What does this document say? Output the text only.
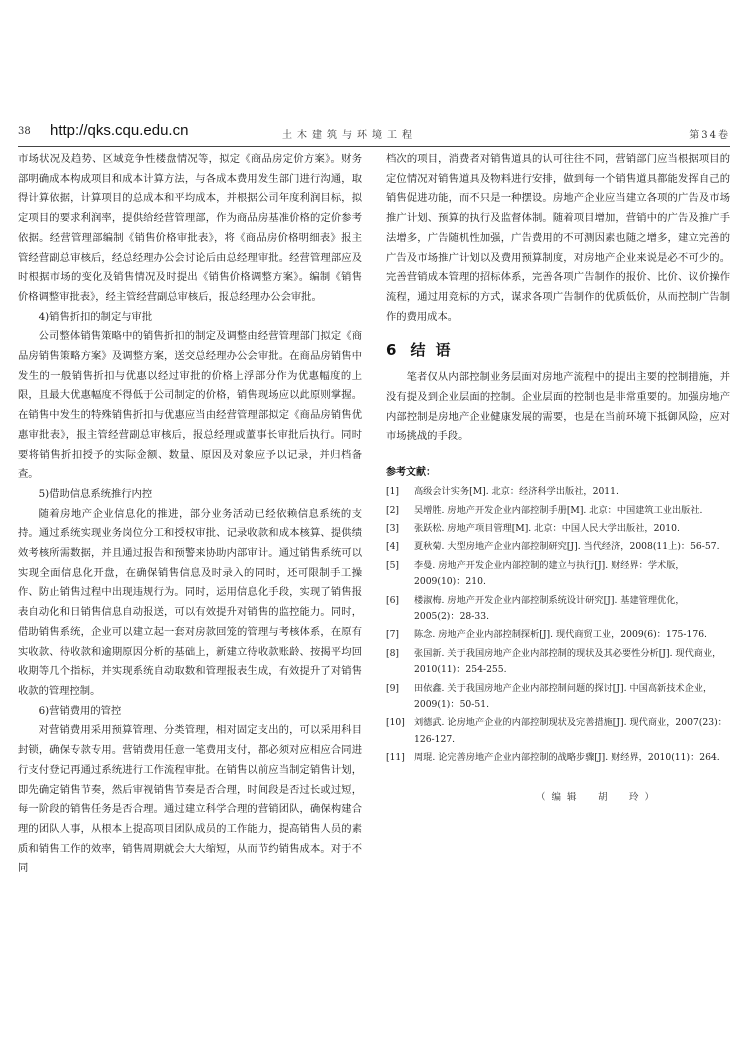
38 http://qks.cqu.edu.cn	土木建筑与环境工程	第34卷

市场状况及趋势、区域竞争性楼盘情况等，拟定《商品房定价方案》。财务部明确成本构成项目和成本计算方法，与各成本费用发生部门进行沟通，取得计算依据，计算项目的总成本和平均成本，并根据公司年度利润目标，拟定项目的要求利润率，提供给经营管理部，作为商品房基准价格的定价参考依据。经营管理部编制《销售价格审批表》，将《商品房价格明细表》报主管经营副总审核后，经总经理办公会讨论后由总经理审批。经营管理部应及时根据市场的变化及销售情况及时提出《销售价格调整方案》。编制《销售价格调整审批表》，经主管经营副总审核后，报总经理办公会审批。

4)销售折扣的制定与审批

公司整体销售策略中的销售折扣的制定及调整由经营管理部门拟定《商品房销售策略方案》及调整方案，送交总经理办公会审批。在商品房销售中发生的一般销售折扣与优惠以经过审批的价格上浮部分作为优惠幅度的上限，且最大优惠幅度不得低于公司制定的价格，销售现场应以此原则掌握。在销售中发生的特殊销售折扣与优惠应当由经营管理部拟定《商品房销售优惠审批表》，报主管经营副总审核后，报总经理或董事长审批后执行。同时要将销售折扣授予的实际金额、数量、原因及对象应予以记录，并归档备查。

5)借助信息系统推行内控

随着房地产企业信息化的推进，部分业务活动已经依赖信息系统的支持。通过系统实现业务岗位分工和授权审批、记录收款和成本核算、提供绩效考核所需数据，并且通过报告和预警来协助内部审计。通过销售系统可以实现全面信息化开盘，在确保销售信息及时录入的同时，还可限制手工操作、防止销售过程中出现违规行为。同时，运用信息化手段，实现了销售报表自动化和日销售信息自动报送，可以有效提升对销售的监控能力。同时，借助销售系统，企业可以建立起一套对房款回笼的管理与考核体系，在原有实收款、待收款和逾期原因分析的基础上，新建立待收款账龄、按揭平均回收期等几个指标，并实现系统自动取数和管理报表生成，有效提升了对销售收款的管理控制。

6)营销费用的管控

对营销费用采用预算管理、分类管理，相对固定支出的，可以采用科目封锁，确保专款专用。营销费用任意一笔费用支付，都必须对应相应合同进行支付登记再通过系统进行工作流程审批。在销售以前应当制定销售计划，即先确定销售节奏，然后审视销售节奏是否合理，时间段是否过长或过短，每一阶段的销售任务是否合理。通过建立科学合理的营销团队，确保构建合理的团队人事，从根本上提高项目团队成员的工作能力，提高销售人员的素质和销售工作的效率，销售周期就会大大缩短，从而节约销售成本。对于不同

档次的项目，消费者对销售道具的认可往往不同，营销部门应当根据项目的定位情况对销售道具及物料进行安排，做到每一个销售道具都能发挥自己的销售促进功能，而不只是一种摆设。房地产企业应当建立各项的广告及市场推广计划、预算的执行及监督体制。随着项目增加，营销中的广告及推广手法增多，广告随机性加强，广告费用的不可测因素也随之增多，建立完善的广告及市场推广计划以及费用预算制度，对房地产企业来说是必不可少的。完善营销成本管理的招标体系，完善各项广告制作的报价、比价、议价操作流程，通过用竞标的方式，谋求各项广告制作的优质低价，从而控制广告制作的费用成本。

6 结语

笔者仅从内部控制业务层面对房地产流程中的提出主要的控制措施，并没有提及到企业层面的控制。企业层面的控制也是非常重要的。加强房地产内部控制是房地产企业健康发展的需要，也是在当前环境下抵御风险，应对市场挑战的手段。

参考文献：
[1] 高级会计实务[M]. 北京：经济科学出版社，2011.
[2] 吴增胜. 房地产开发企业内部控制手册[M]. 北京：中国建筑工业出版社.
[3] 张跃松. 房地产项目管理[M]. 北京：中国人民大学出版社，2010.
[4] 夏秋菊. 大型房地产企业内部控制研究[J]. 当代经济，2008(11上)：56-57.
[5] 李曼. 房地产开发企业内部控制的建立与执行[J]. 财经界：学术版，2009(10)：210.
[6] 楼淑梅. 房地产开发企业内部控制系统设计研究[J]. 基建管理优化，2005(2)：28-33.
[7] 陈念. 房地产企业内部控制探析[J]. 现代商贸工业，2009(6)：175-176.
[8] 张国新. 关于我国房地产企业内部控制的现状及其必要性分析[J]. 现代商业，2010(11)：254-255.
[9] 田依鑫. 关于我国房地产企业内部控制问题的探讨[J]. 中国高新技术企业，2009(1)：50-51.
[10] 刘德武. 论房地产企业的内部控制现状及完善措施[J]. 现代商业，2007(23)：126-127.
[11] 周琨. 论完善房地产企业内部控制的战略步骤[J]. 财经界，2010(11)：264.
（编辑　胡　玲）
